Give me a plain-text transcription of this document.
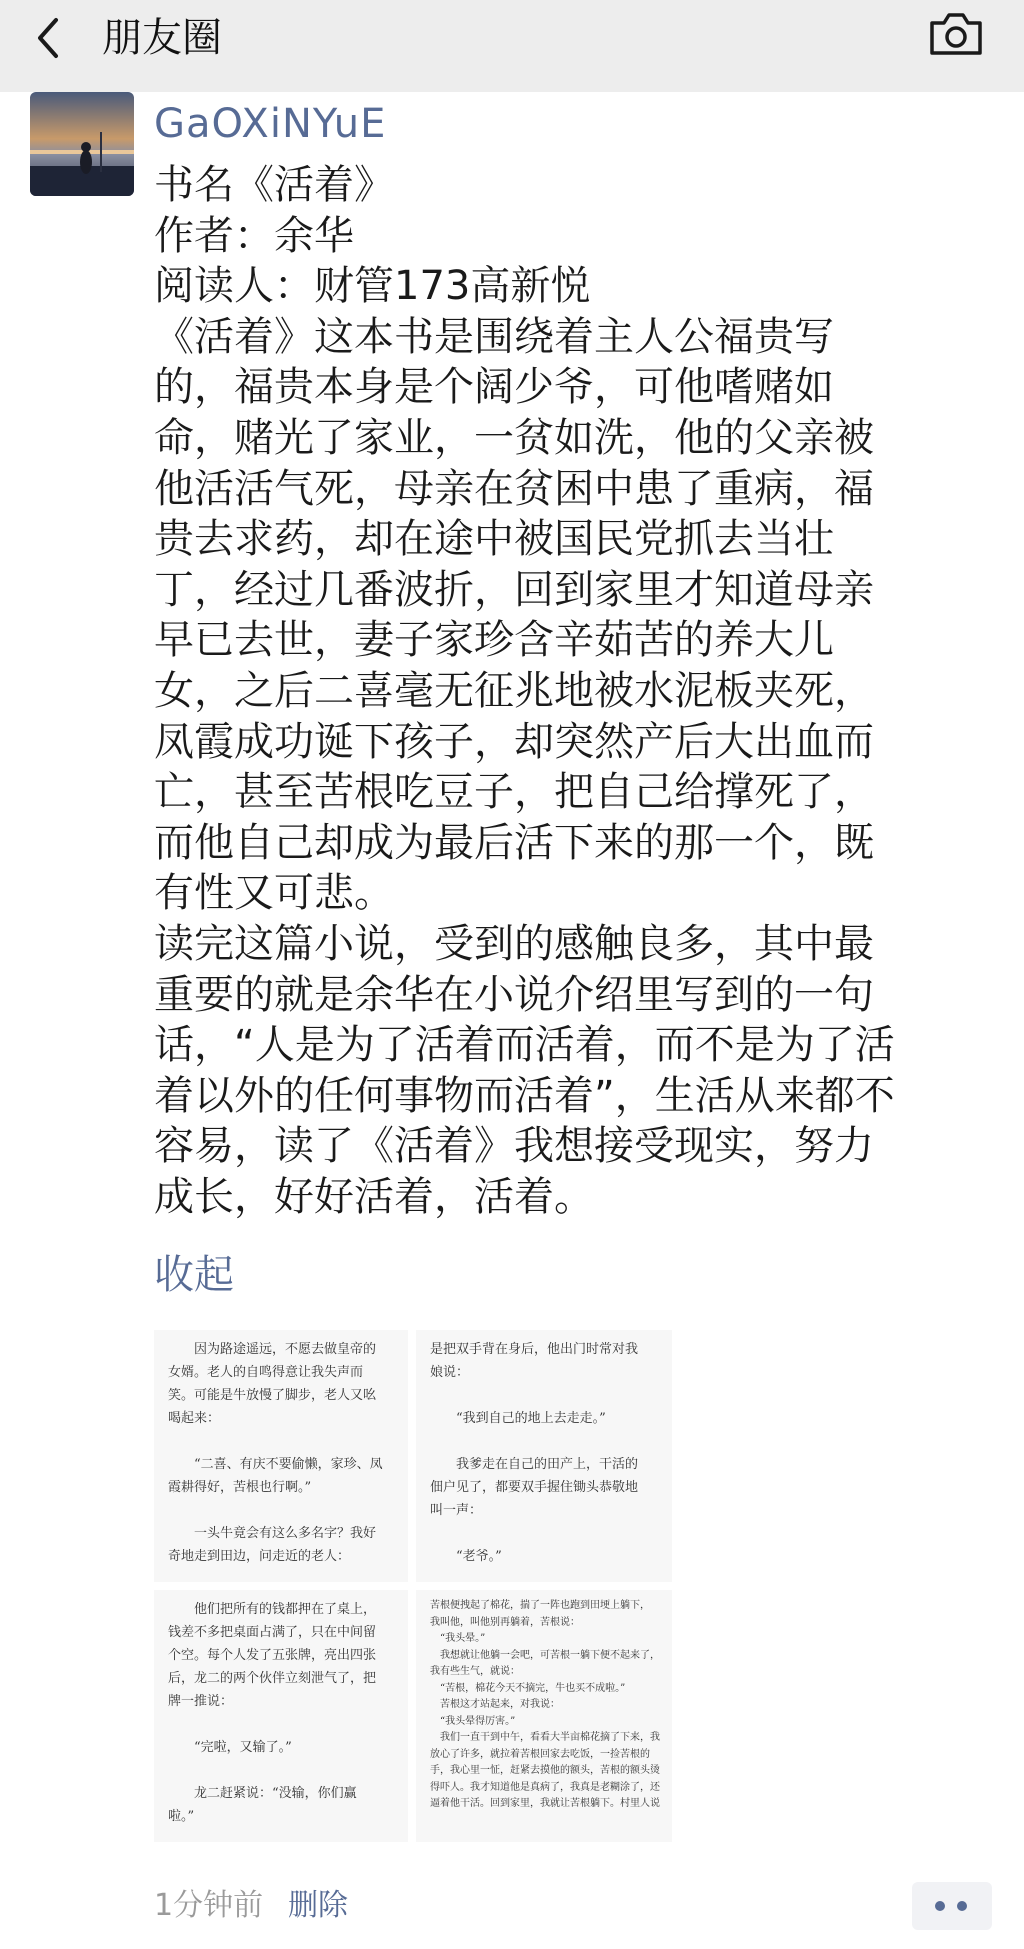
朋友圈
GaOXiNYuE

书名《活着》
作者：余华
阅读人：财管173高新悦

《活着》这本书是围绕着主人公福贵写
的，福贵本身是个阔少爷，可他嗜赌如
命，赌光了家业，一贫如洗，他的父亲被
他活活气死，母亲在贫困中患了重病，福
贵去求药，却在途中被国民党抓去当壮
丁，经过几番波折，回到家里才知道母亲
早已去世，妻子家珍含辛茹苦的养大儿
女，之后二喜毫无征兆地被水泥板夹死，
凤霞成功诞下孩子，却突然产后大出血而
亡，甚至苦根吃豆子，把自己给撑死了，
而他自己却成为最后活下来的那一个，既
有性又可悲。

读完这篇小说，受到的感触良多，其中最
重要的就是余华在小说介绍里写到的一句
话，“人是为了活着而活着，而不是为了活
着以外的任何事物而活着”，生活从来都不
容易，读了《活着》我想接受现实，努力
成长，好好活着，活着。

收起
　　因为路途遥远，不愿去做皇帝的
女婿。老人的自鸣得意让我失声而
笑。可能是牛放慢了脚步，老人又吆
喝起来：

　　“二喜、有庆不要偷懒，家珍、凤
霞耕得好，苦根也行啊。”

　　一头牛竟会有这么多名字？我好
奇地走到田边，问走近的老人：
是把双手背在身后，他出门时常对我
娘说：

　　“我到自己的地上去走走。”

　　我爹走在自己的田产上，干活的
佃户见了，都要双手握住锄头恭敬地
叫一声：

　　“老爷。”
　　他们把所有的钱都押在了桌上，
钱差不多把桌面占满了，只在中间留
个空。每个人发了五张牌，亮出四张
后，龙二的两个伙伴立刻泄气了，把
牌一推说：

　　“完啦，又输了。”

　　龙二赶紧说：“没输，你们赢
啦。”
苦根便拽起了棉花，揣了一阵也跑到田埂上躺下，
我叫他，叫他别再躺着，苦根说：
　“我头晕。”
　我想就让他躺一会吧，可苦根一躺下便不起来了，
我有些生气，就说：
　“苦根，棉花今天不摘完，牛也买不成啦。”
　苦根这才站起来，对我说：
　“我头晕得厉害。”
　我们一直干到中午，看看大半亩棉花摘了下来，我
放心了许多，就拉着苦根回家去吃饭，一捡苦根的
手，我心里一怔，赶紧去摸他的额头，苦根的额头烫
得吓人。我才知道他是真病了，我真是老糊涂了，还
逼着他干活。回到家里，我就让苦根躺下。村里人说
1分钟前 删除
